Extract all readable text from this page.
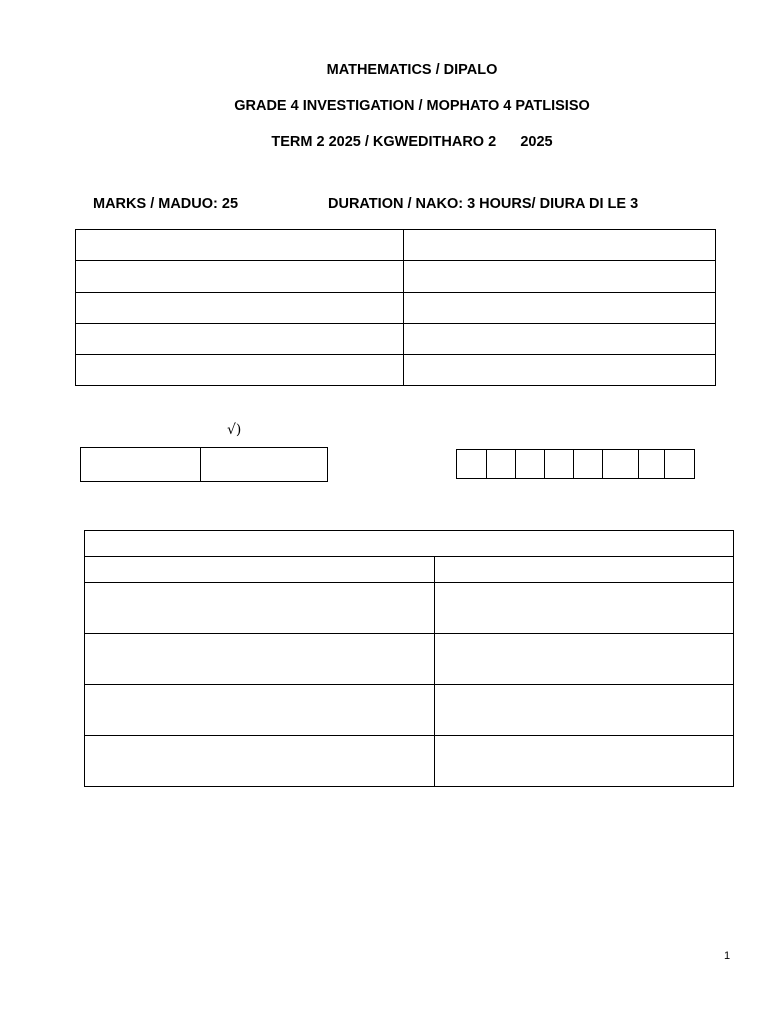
MATHEMATICS / DIPALO
GRADE 4 INVESTIGATION / MOPHATO 4 PATLISISO
TERM 2 2025 / KGWEDITHARO 2      2025
MARKS / MADUO: 25	DURATION / NAKO: 3 HOURS/ DIURA DI LE 3

√)

1
